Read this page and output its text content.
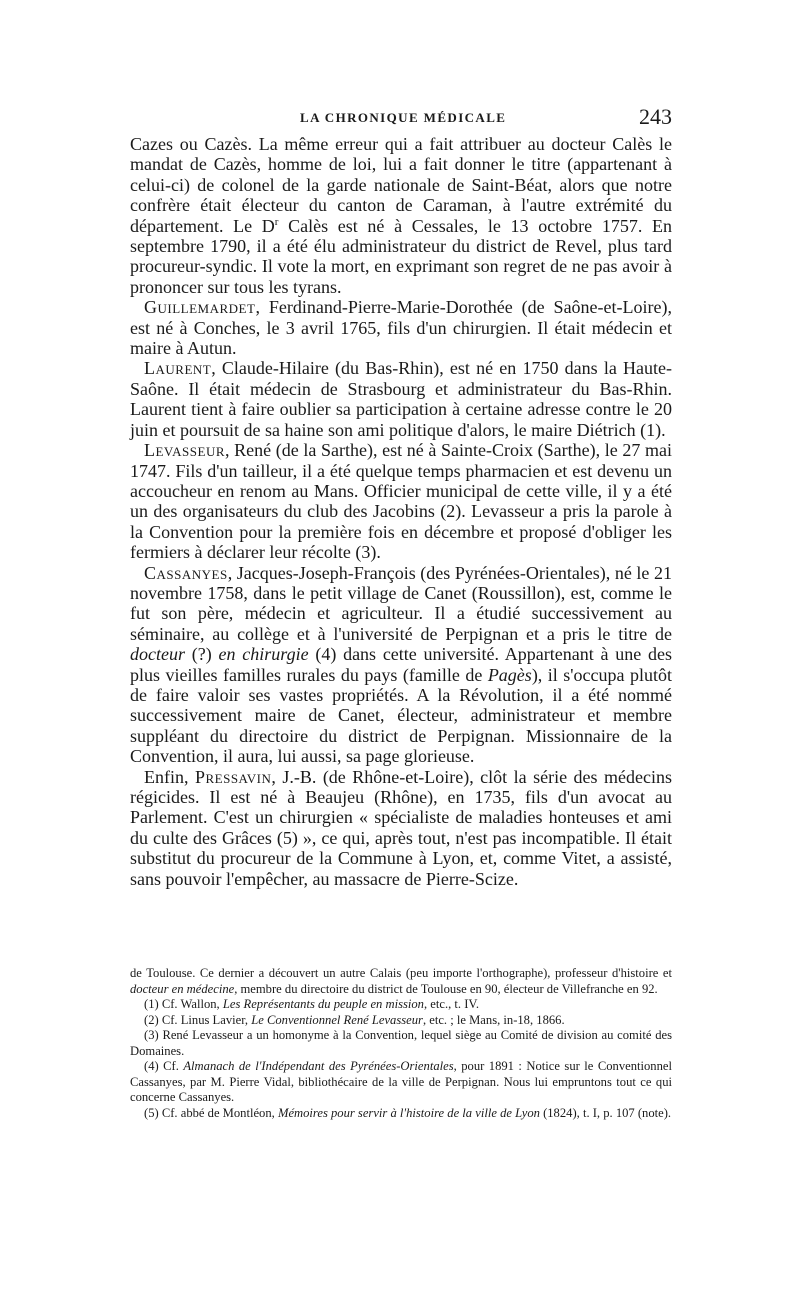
LA CHRONIQUE MÉDICALE	243

Cazes ou Cazès. La même erreur qui a fait attribuer au docteur Calès le mandat de Cazès, homme de loi, lui a fait donner le titre (appartenant à celui-ci) de colonel de la garde nationale de Saint-Béat, alors que notre confrère était électeur du canton de Caraman, à l'autre extrémité du département. Le $D^r$ Calès est né à Cessales, le 13 octobre 1757. En septembre 1790, il a été élu administrateur du district de Revel, plus tard procureur-syndic. Il vote la mort, en exprimant son regret de ne pas avoir à prononcer sur tous les tyrans.

Guillemardet, Ferdinand-Pierre-Marie-Dorothée (de Saône-et-Loire), est né à Conches, le 3 avril 1765, fils d'un chirurgien. Il était médecin et maire à Autun.

Laurent, Claude-Hilaire (du Bas-Rhin), est né en 1750 dans la Haute-Saône. Il était médecin de Strasbourg et administrateur du Bas-Rhin. Laurent tient à faire oublier sa participation à certaine adresse contre le 20 juin et poursuit de sa haine son ami politique d'alors, le maire Diétrich (1).

Levasseur, René (de la Sarthe), est né à Sainte-Croix (Sarthe), le 27 mai 1747. Fils d'un tailleur, il a été quelque temps pharmacien et est devenu un accoucheur en renom au Mans. Officier municipal de cette ville, il y a été un des organisateurs du club des Jacobins (2). Levasseur a pris la parole à la Convention pour la première fois en décembre et proposé d'obliger les fermiers à déclarer leur récolte (3).

Cassanyes, Jacques-Joseph-François (des Pyrénées-Orientales), né le 21 novembre 1758, dans le petit village de Canet (Roussillon), est, comme le fut son père, médecin et agriculteur. Il a étudié successivement au séminaire, au collège et à l'université de Perpignan et a pris le titre de docteur (?) en chirurgie (4) dans cette université. Appartenant à une des plus vieilles familles rurales du pays (famille de Pagès), il s'occupa plutôt de faire valoir ses vastes propriétés. A la Révolution, il a été nommé successivement maire de Canet, électeur, administrateur et membre suppléant du directoire du district de Perpignan. Missionnaire de la Convention, il aura, lui aussi, sa page glorieuse.

Enfin, Pressavin, J.-B. (de Rhône-et-Loire), clôt la série des médecins régicides. Il est né à Beaujeu (Rhône), en 1735, fils d'un avocat au Parlement. C'est un chirurgien « spécialiste de maladies honteuses et ami du culte des Grâces (5) », ce qui, après tout, n'est pas incompatible. Il était substitut du procureur de la Commune à Lyon, et, comme Vitet, a assisté, sans pouvoir l'empêcher, au massacre de Pierre-Scize.

de Toulouse. Ce dernier a découvert un autre Calais (peu importe l'orthographe), professeur d'histoire et docteur en médecine, membre du directoire du district de Toulouse en 90, électeur de Villefranche en 92.

(1) Cf. Wallon, Les Représentants du peuple en mission, etc., t. IV.

(2) Cf. Linus Lavier, Le Conventionnel René Levasseur, etc. ; le Mans, in-18, 1866.

(3) René Levasseur a un homonyme à la Convention, lequel siège au Comité de division au comité des Domaines.

(4) Cf. Almanach de l'Indépendant des Pyrénées-Orientales, pour 1891 : Notice sur le Conventionnel Cassanyes, par M. Pierre Vidal, bibliothécaire de la ville de Perpignan. Nous lui empruntons tout ce qui concerne Cassanyes.

(5) Cf. abbé de Montléon, Mémoires pour servir à l'histoire de la ville de Lyon (1824), t. I, p. 107 (note).
